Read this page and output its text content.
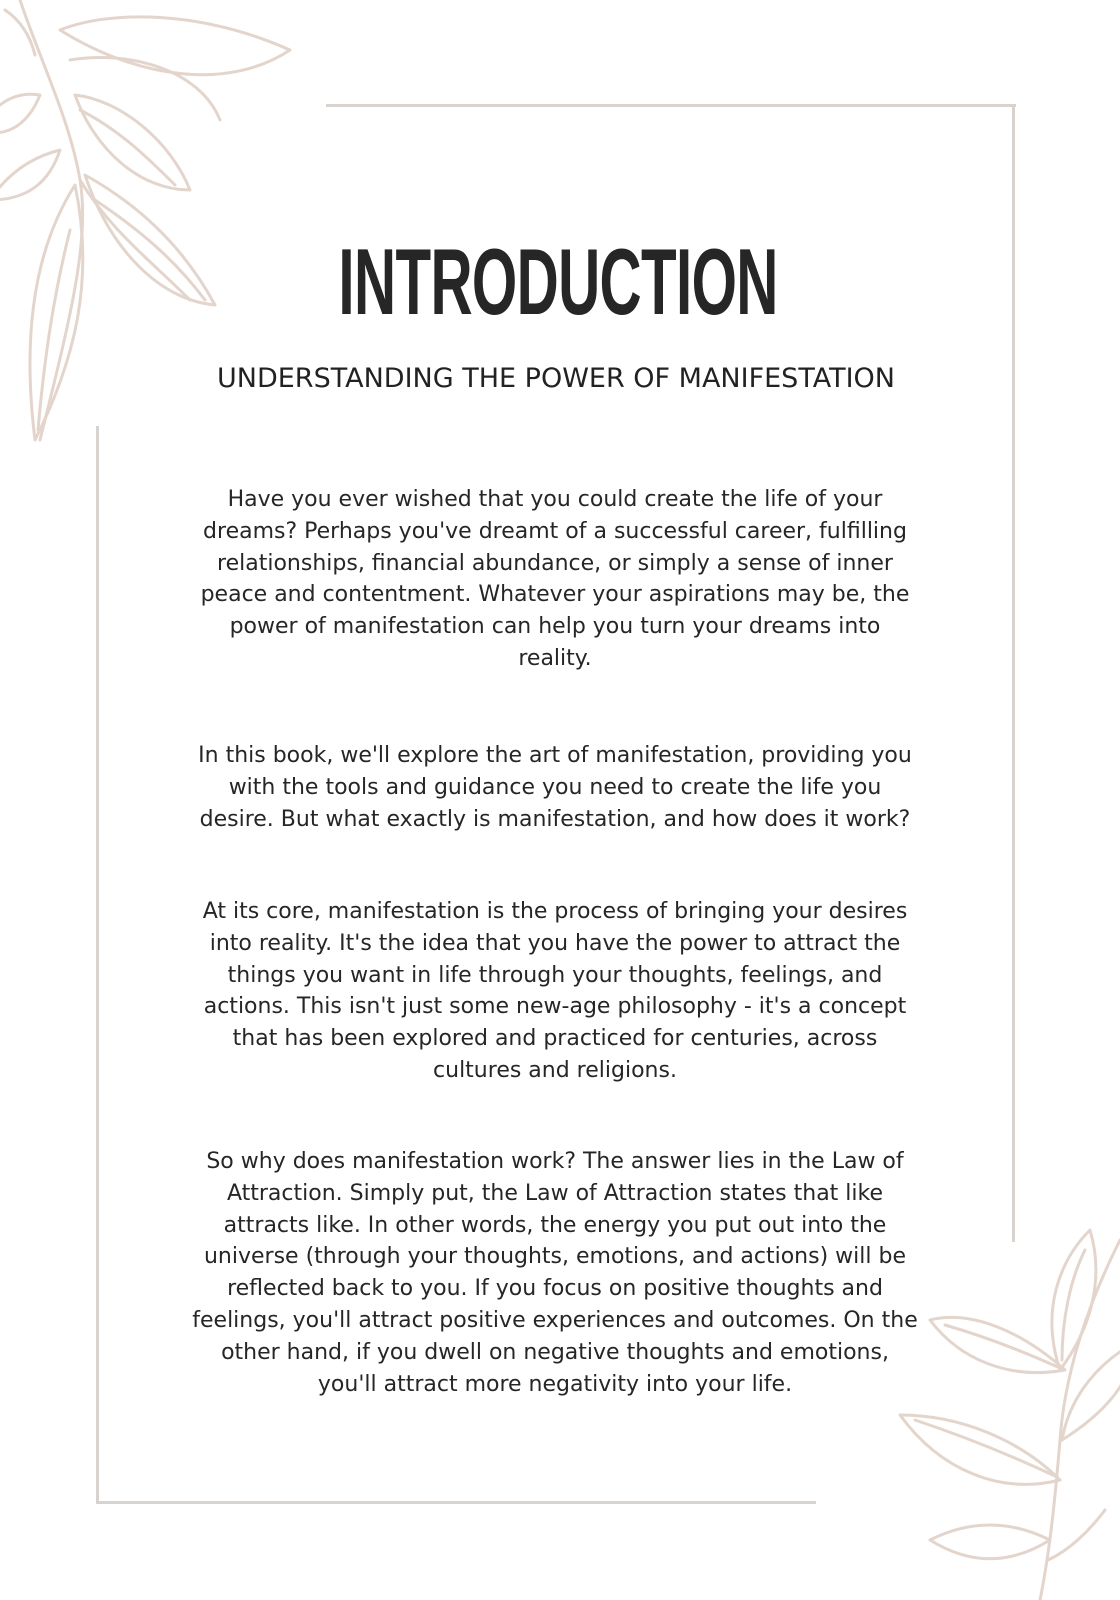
INTRODUCTION
UNDERSTANDING THE POWER OF MANIFESTATION

Have you ever wished that you could create the life of your dreams? Perhaps you've dreamt of a successful career, fulfilling relationships, financial abundance, or simply a sense of inner peace and contentment. Whatever your aspirations may be, the power of manifestation can help you turn your dreams into reality.

In this book, we'll explore the art of manifestation, providing you with the tools and guidance you need to create the life you desire. But what exactly is manifestation, and how does it work?

At its core, manifestation is the process of bringing your desires into reality. It's the idea that you have the power to attract the things you want in life through your thoughts, feelings, and actions. This isn't just some new-age philosophy - it's a concept that has been explored and practiced for centuries, across cultures and religions.

So why does manifestation work? The answer lies in the Law of Attraction. Simply put, the Law of Attraction states that like attracts like. In other words, the energy you put out into the universe (through your thoughts, emotions, and actions) will be reflected back to you. If you focus on positive thoughts and feelings, you'll attract positive experiences and outcomes. On the other hand, if you dwell on negative thoughts and emotions, you'll attract more negativity into your life.
